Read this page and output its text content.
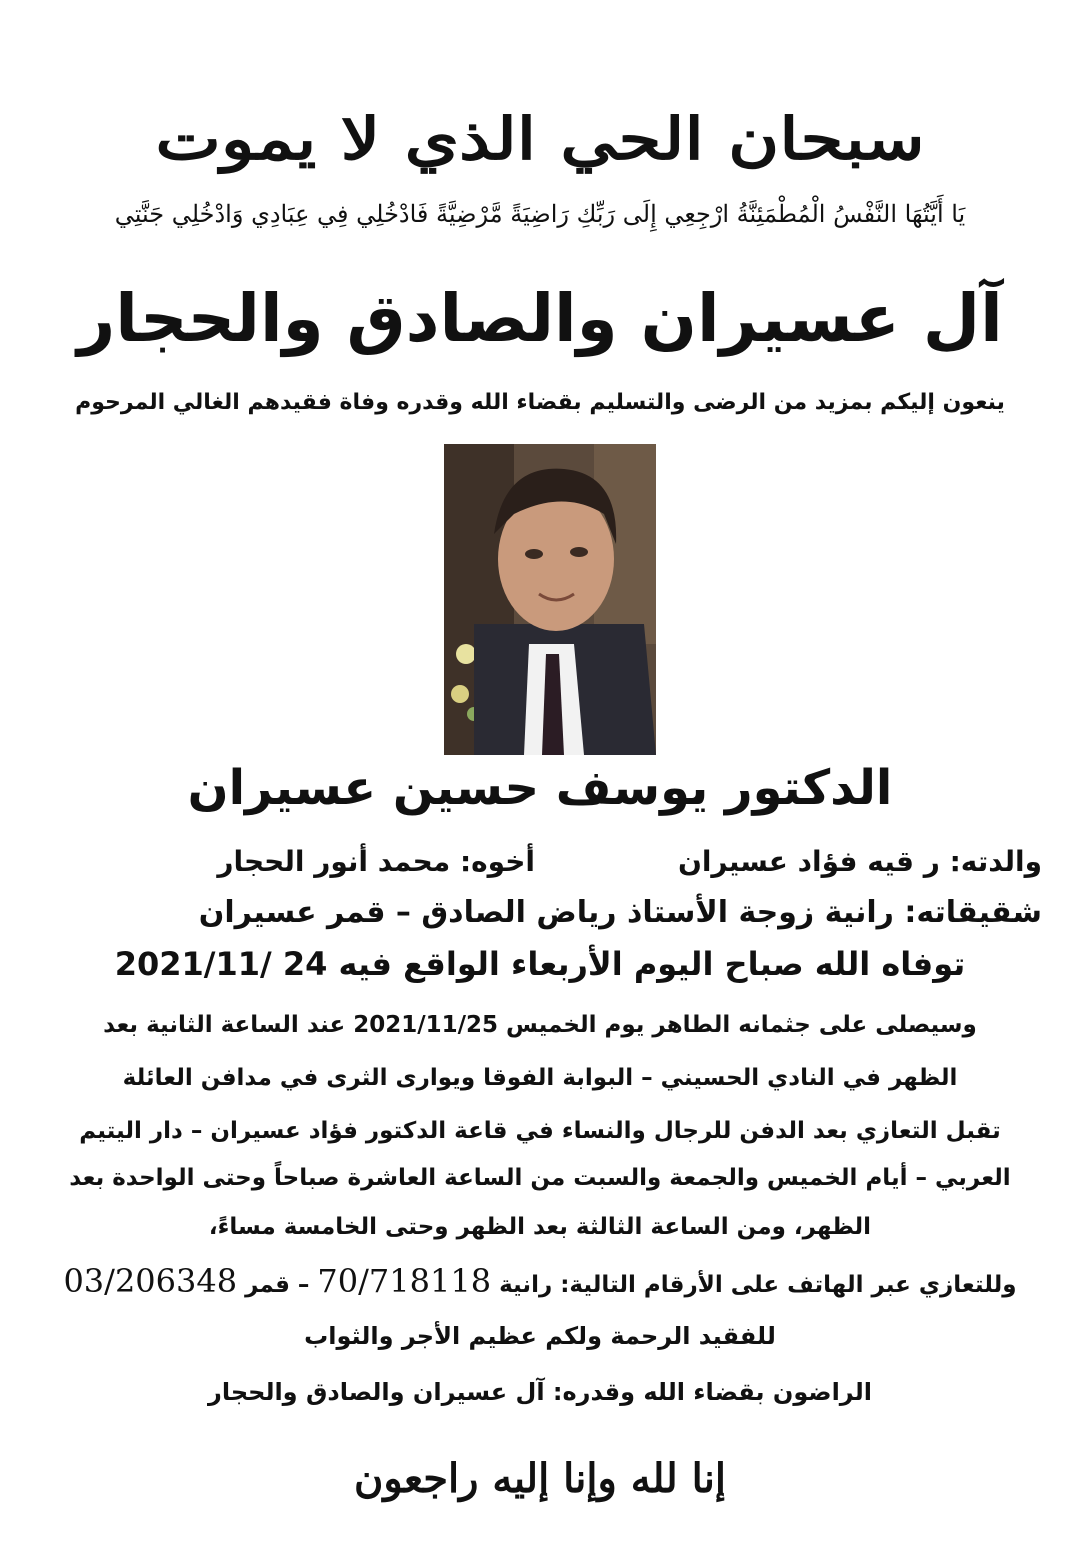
سبحان الحي الذي لا يموت
يَا أَيَّتُهَا النَّفْسُ الْمُطْمَئِنَّةُ ارْجِعِي إِلَى رَبِّكِ رَاضِيَةً مَّرْضِيَّةً فَادْخُلِي فِي عِبَادِي وَادْخُلِي جَنَّتِي
آل عسيران والصادق والحجار
ينعون إليكم بمزيد من الرضى والتسليم بقضاء الله وقدره وفاة فقيدهم الغالي المرحوم
الدكتور يوسف حسين عسيران
والدته: ر قيه فؤاد عسيران
أخوه: محمد أنور الحجار
شقيقاته: رانية زوجة الأستاذ رياض الصادق – قمر عسيران
توفاه الله صباح اليوم الأربعاء الواقع فيه 24 /2021/11
وسيصلى على جثمانه الطاهر يوم الخميس 2021/11/25 عند الساعة الثانية بعد
الظهر في النادي الحسيني – البوابة الفوقا ويوارى الثرى في مدافن العائلة
تقبل التعازي بعد الدفن للرجال والنساء في قاعة الدكتور فؤاد عسيران – دار اليتيم
العربي – أيام الخميس والجمعة والسبت من الساعة العاشرة صباحاً وحتى الواحدة بعد
الظهر، ومن الساعة الثالثة بعد الظهر وحتى الخامسة مساءً،
وللتعازي عبر الهاتف على الأرقام التالية: رانية 70/718118 – قمر 03/206348
للفقيد الرحمة ولكم عظيم الأجر والثواب
الراضون بقضاء الله وقدره: آل عسيران والصادق والحجار
إنا لله وإنا إليه راجعون
